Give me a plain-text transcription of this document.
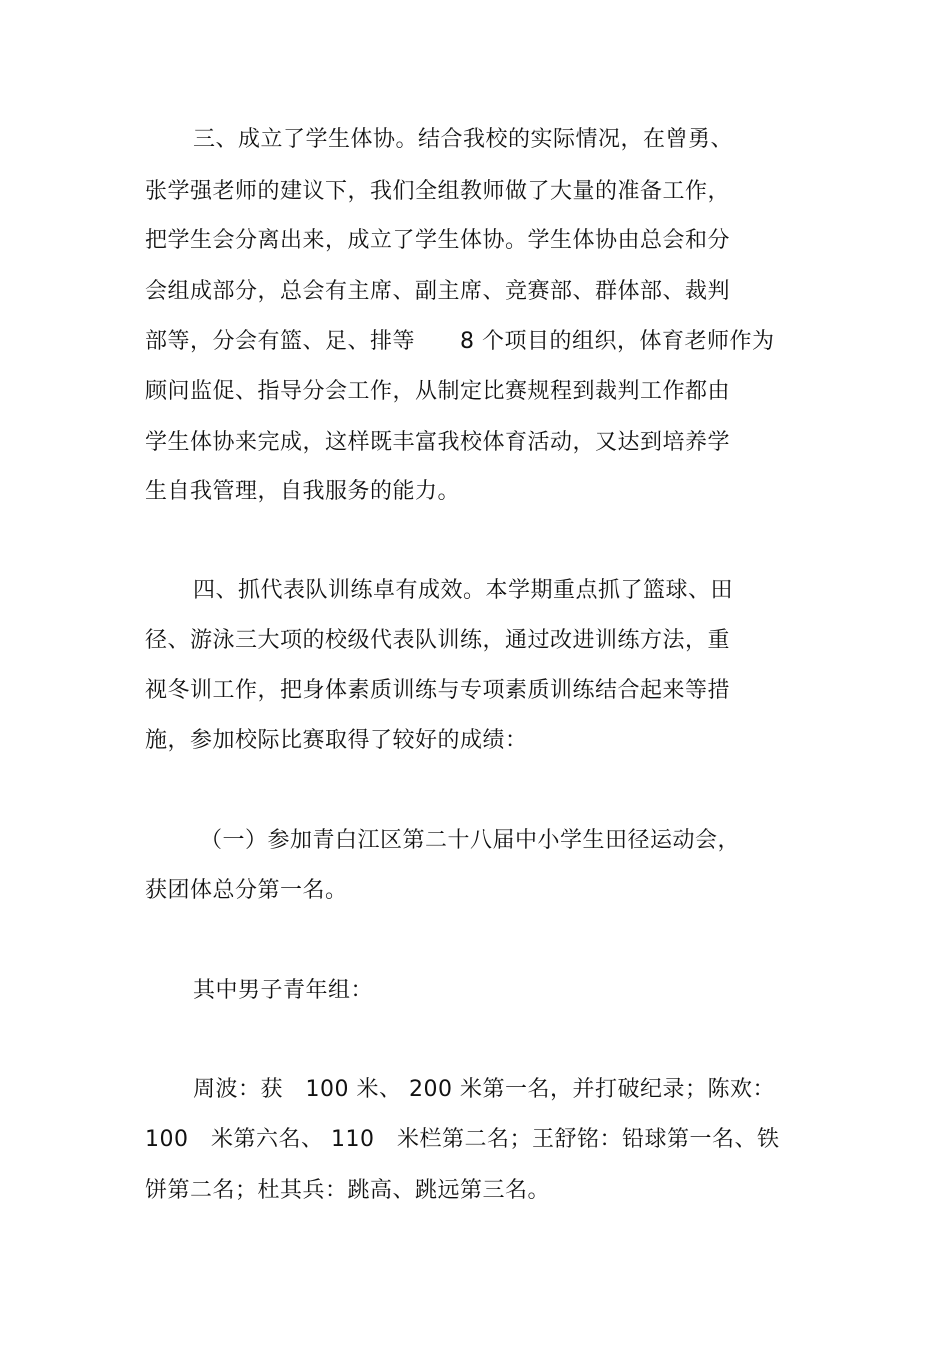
三、成立了学生体协。结合我校的实际情况，在曾勇、
张学强老师的建议下，我们全组教师做了大量的准备工作，
把学生会分离出来，成立了学生体协。学生体协由总会和分
会组成部分，总会有主席、副主席、竞赛部、群体部、裁判
部等，分会有篮、足、排等　　8 个项目的组织，体育老师作为
顾问监促、指导分会工作，从制定比赛规程到裁判工作都由
学生体协来完成，这样既丰富我校体育活动，又达到培养学
生自我管理，自我服务的能力。
四、抓代表队训练卓有成效。本学期重点抓了篮球、田
径、游泳三大项的校级代表队训练，通过改进训练方法，重
视冬训工作，把身体素质训练与专项素质训练结合起来等措
施，参加校际比赛取得了较好的成绩：
（一）参加青白江区第二十八届中小学生田径运动会，
获团体总分第一名。
其中男子青年组：
周波：获　100 米、 200 米第一名，并打破纪录；陈欢：
100　米第六名、 110　米栏第二名；王舒铭：铅球第一名、铁
饼第二名；杜其兵：跳高、跳远第三名。
